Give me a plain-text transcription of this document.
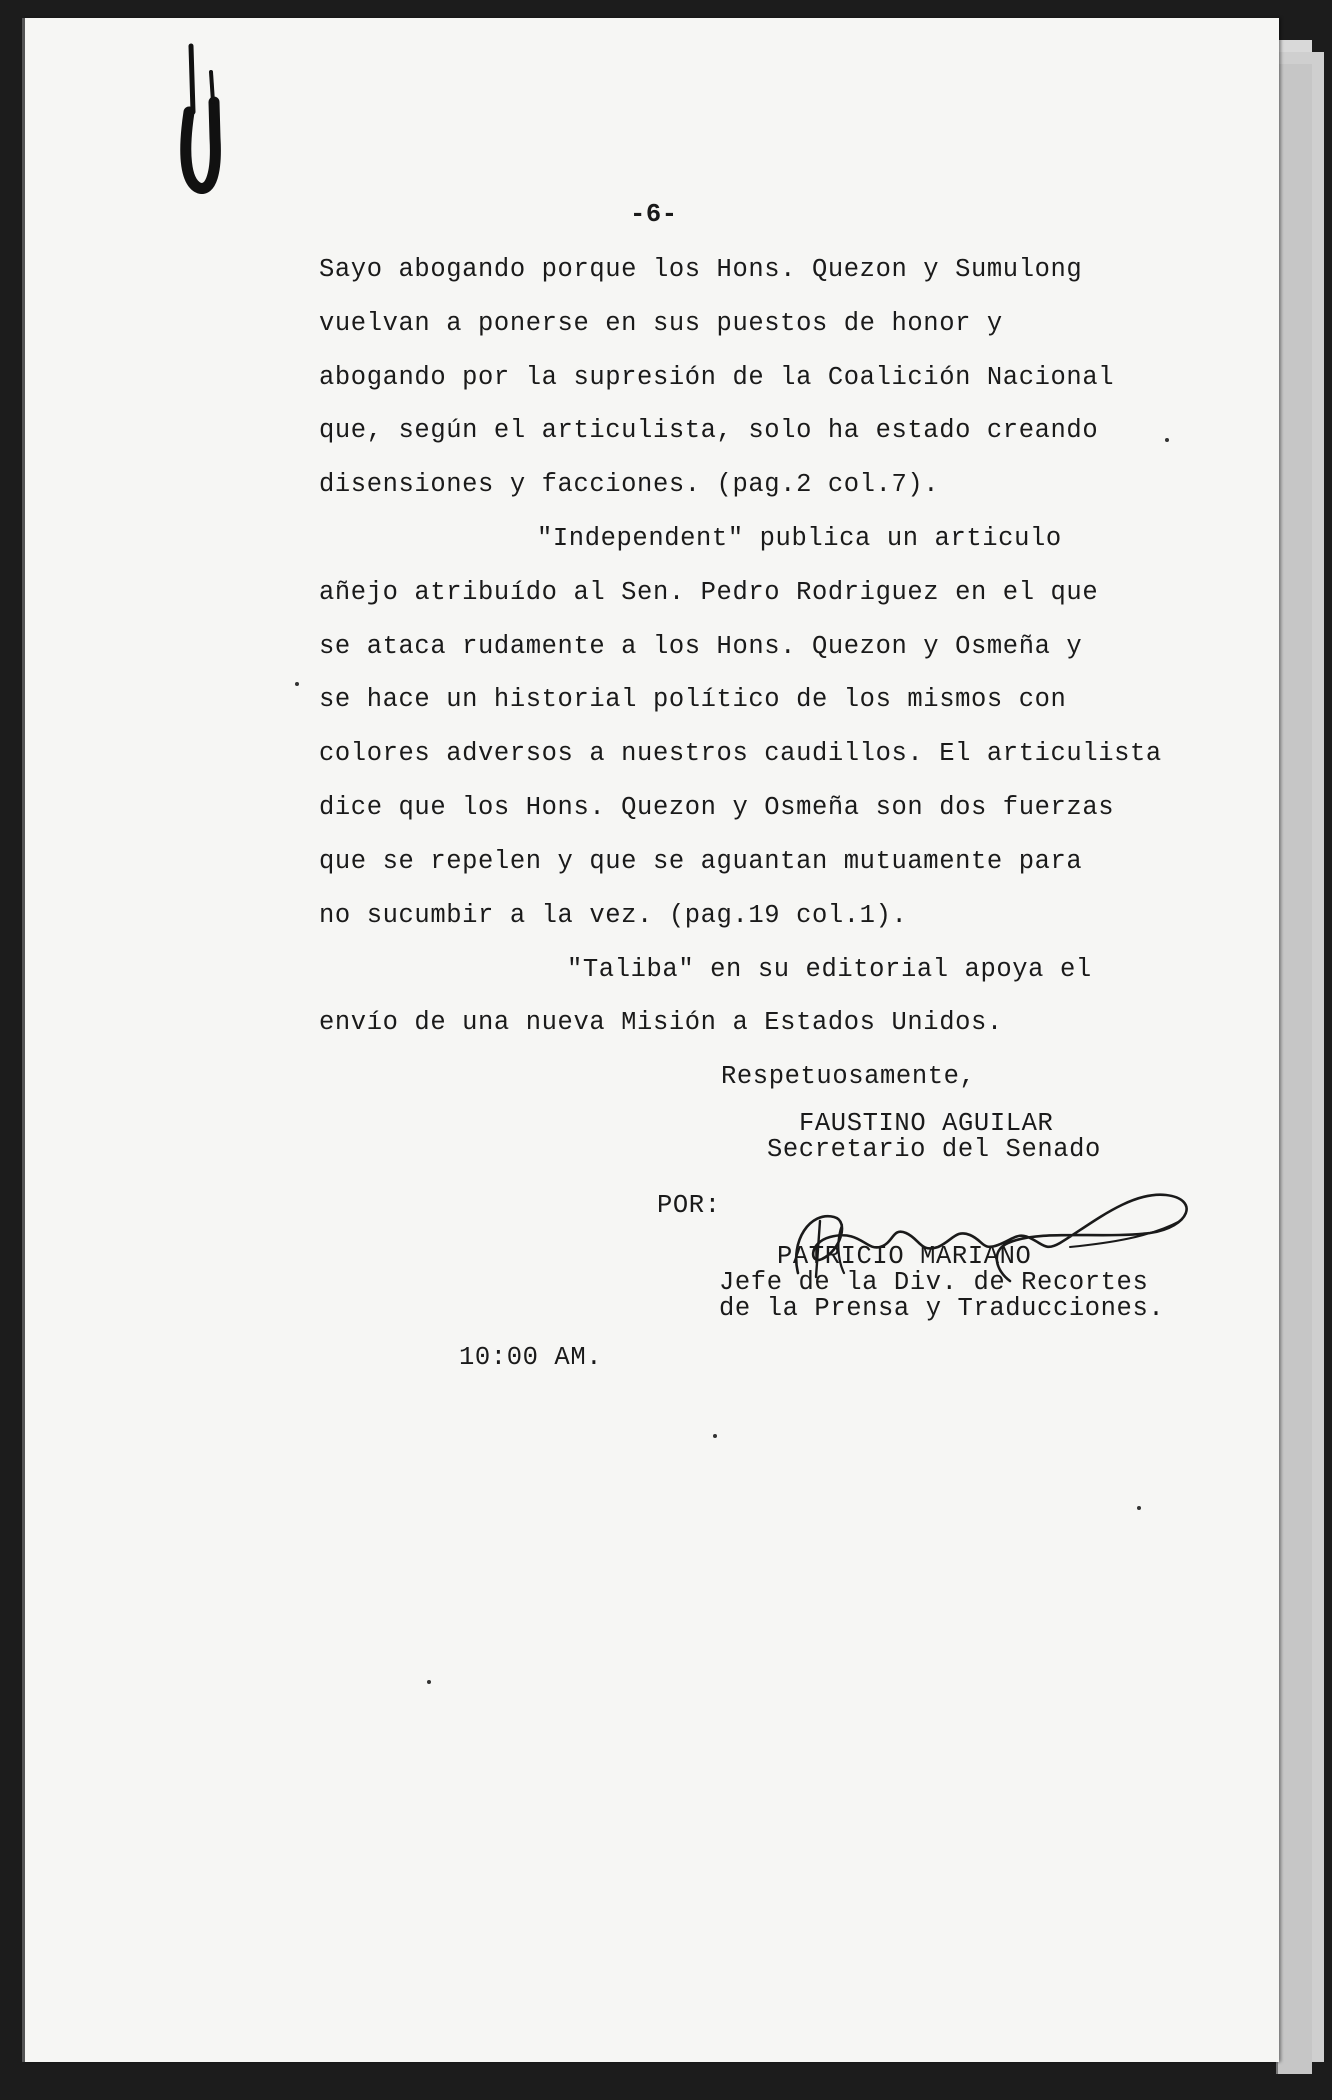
-6-
Sayo abogando porque los Hons. Quezon y Sumulong
vuelvan a ponerse en sus puestos de honor y
abogando por la supresión de la Coalición Nacional
que, según el articulista, solo ha estado creando
disensiones y facciones. (pag.2 col.7).
"Independent" publica un articulo
añejo atribuído al Sen. Pedro Rodriguez en el que
se ataca rudamente a los Hons. Quezon y Osmeña y
se hace un historial político de los mismos con
colores adversos a nuestros caudillos. El articulista
dice que los Hons. Quezon y Osmeña son dos fuerzas
que se repelen y que se aguantan mutuamente para
no sucumbir a la vez. (pag.19 col.1).
"Taliba" en su editorial apoya el
envío de una nueva Misión a Estados Unidos.
Respetuosamente,
FAUSTINO AGUILAR
Secretario del Senado
POR:
PATRICIO MARIANO
Jefe de la Div. de Recortes
de la Prensa y Traducciones.
10:00 AM.
